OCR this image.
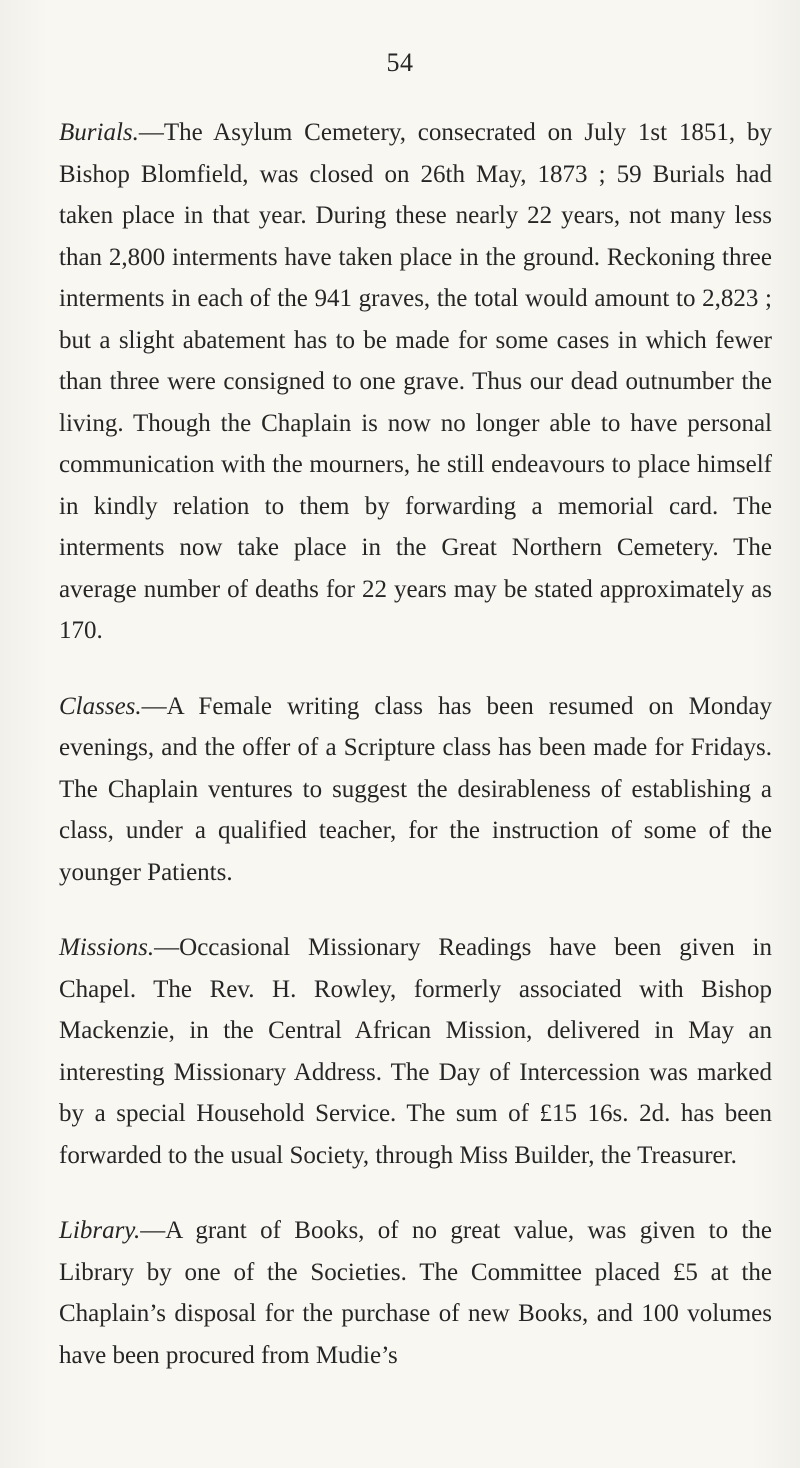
54

Burials.—The Asylum Cemetery, consecrated on July 1st 1851, by Bishop Blomfield, was closed on 26th May, 1873 ; 59 Burials had taken place in that year. During these nearly 22 years, not many less than 2,800 interments have taken place in the ground. Reckoning three interments in each of the 941 graves, the total would amount to 2,823 ; but a slight abatement has to be made for some cases in which fewer than three were consigned to one grave. Thus our dead outnumber the living. Though the Chaplain is now no longer able to have personal communication with the mourners, he still endeavours to place himself in kindly relation to them by forwarding a memorial card. The interments now take place in the Great Northern Cemetery. The average number of deaths for 22 years may be stated approximately as 170.

Classes.—A Female writing class has been resumed on Monday evenings, and the offer of a Scripture class has been made for Fridays. The Chaplain ventures to suggest the desirableness of establishing a class, under a qualified teacher, for the instruction of some of the younger Patients.

Missions.—Occasional Missionary Readings have been given in Chapel. The Rev. H. Rowley, formerly associated with Bishop Mackenzie, in the Central African Mission, delivered in May an interesting Missionary Address. The Day of Intercession was marked by a special Household Service. The sum of £15 16s. 2d. has been forwarded to the usual Society, through Miss Builder, the Treasurer.

Library.—A grant of Books, of no great value, was given to the Library by one of the Societies. The Committee placed £5 at the Chaplain’s disposal for the purchase of new Books, and 100 volumes have been procured from Mudie’s
